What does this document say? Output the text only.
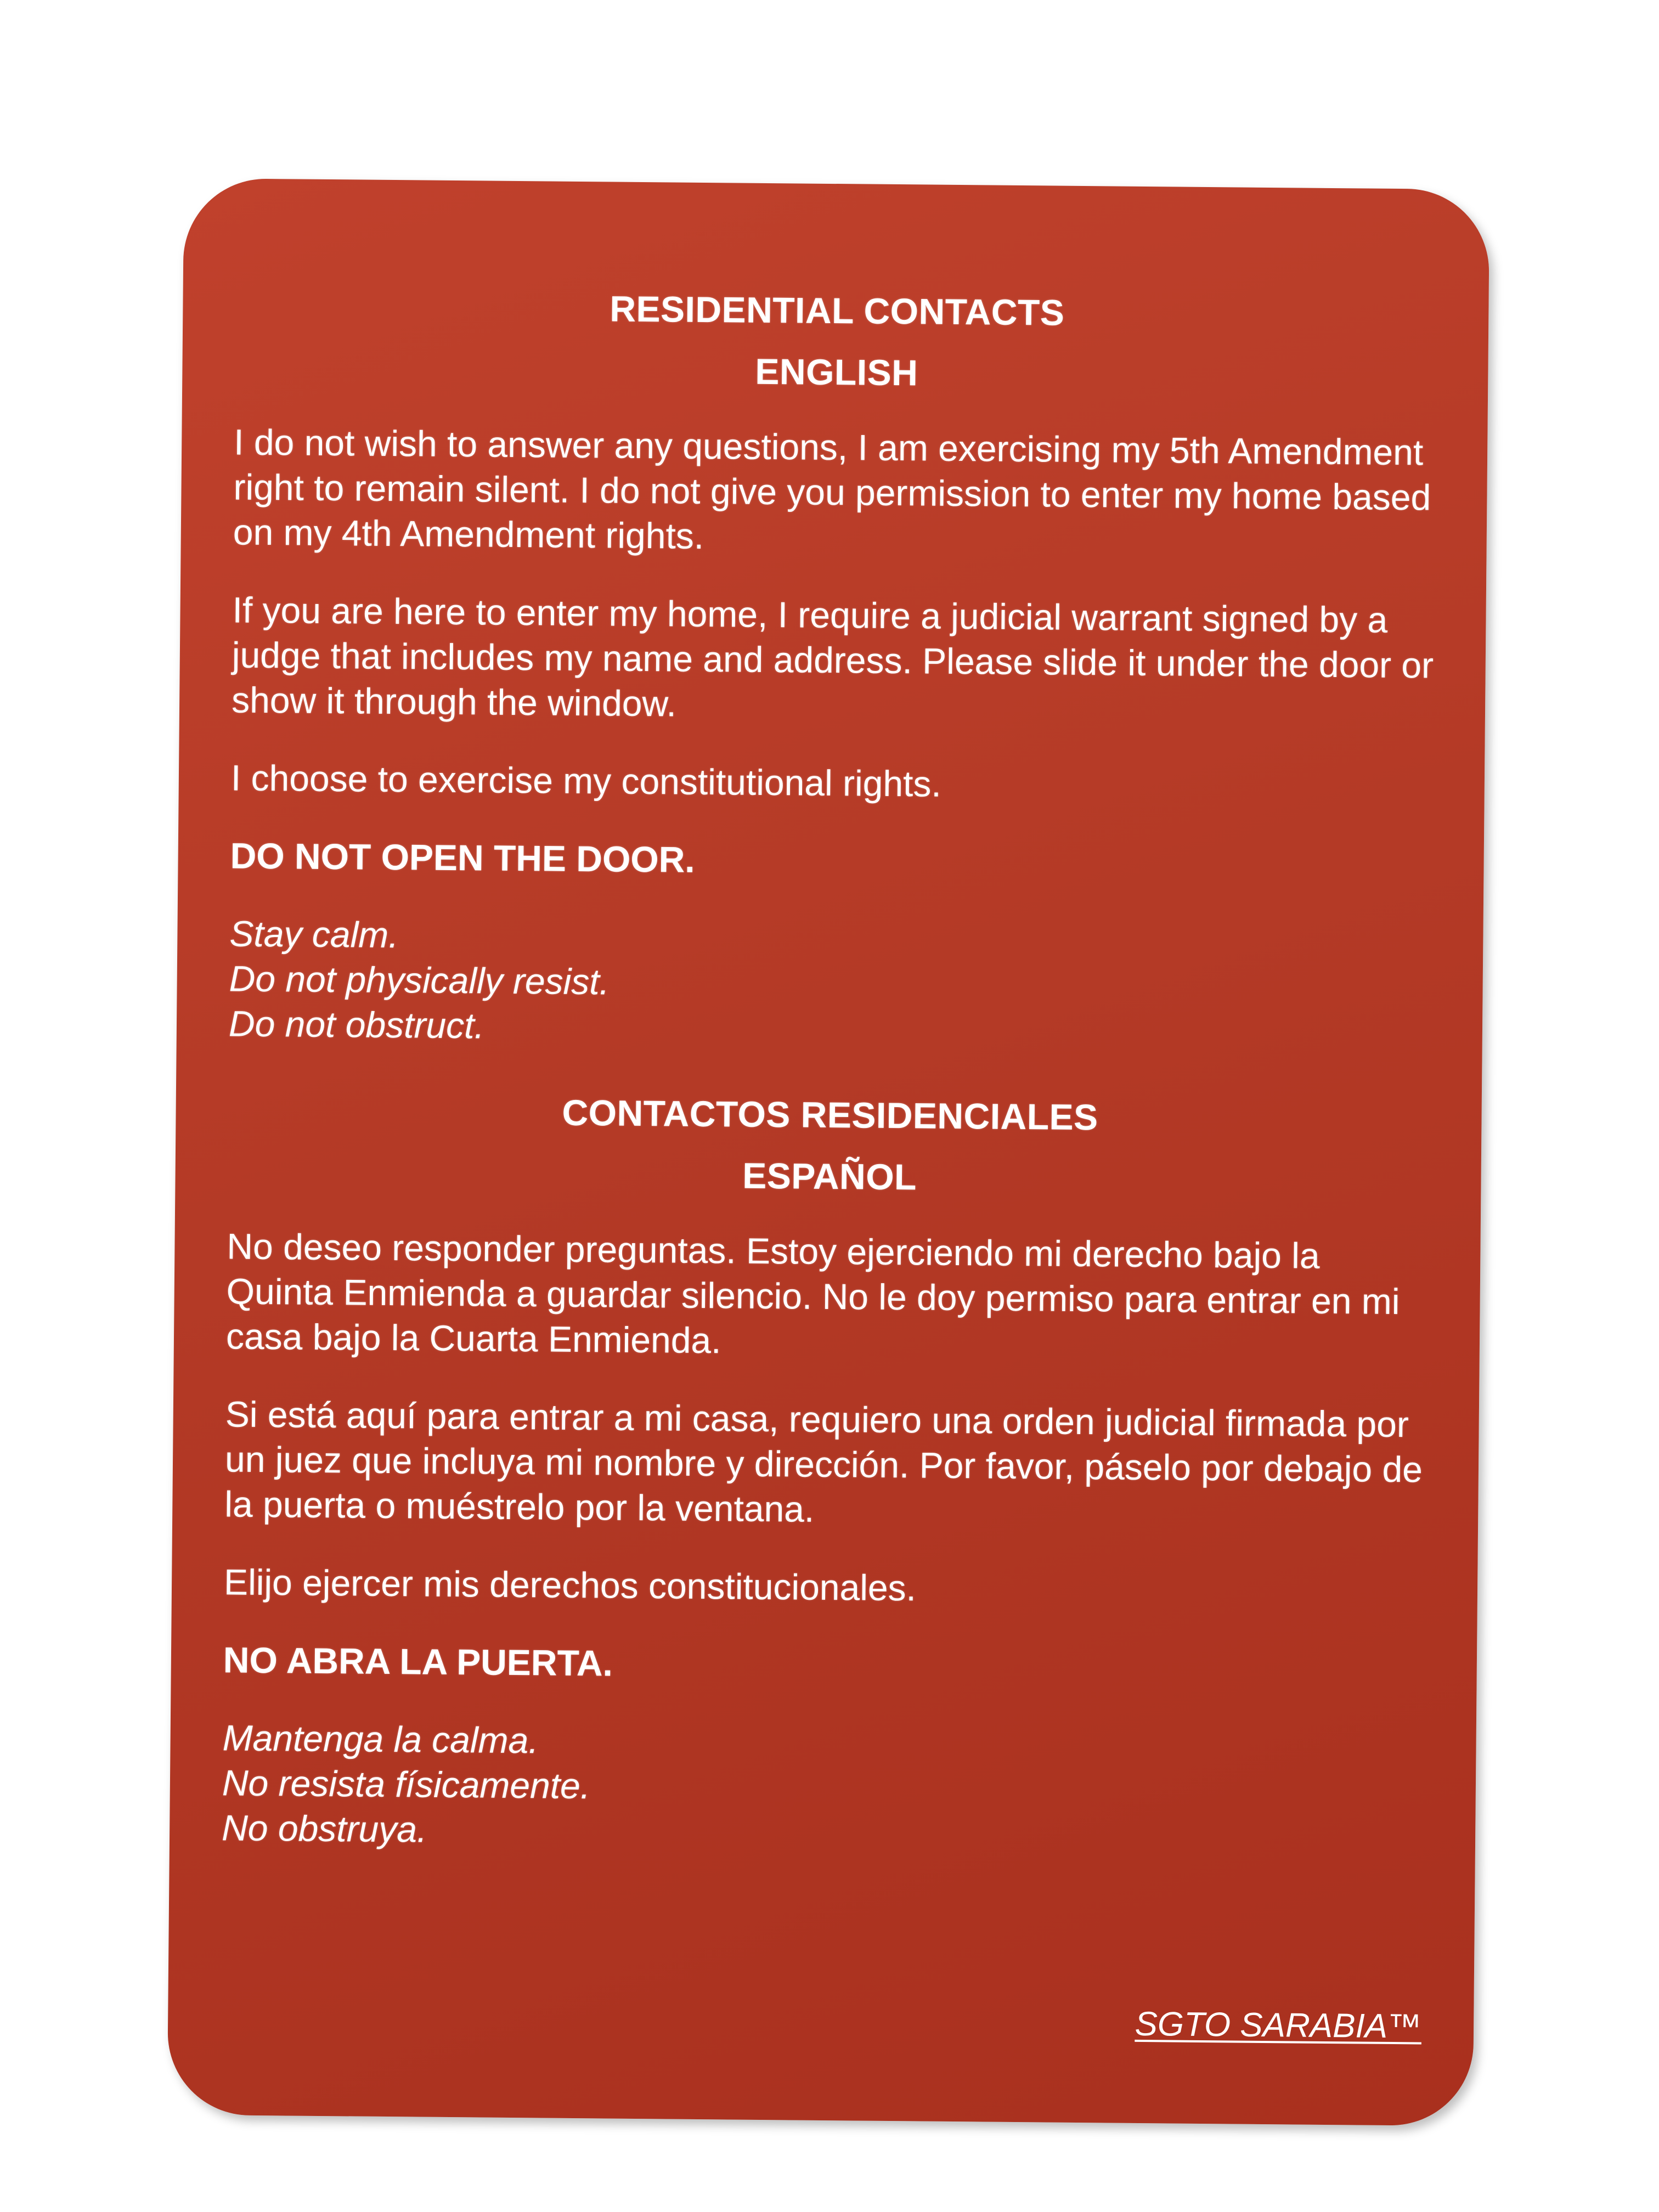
RESIDENTIAL CONTACTS

ENGLISH

I do not wish to answer any questions, I am exercising my 5th Amendment right to remain silent. I do not give you permission to enter my home based on my 4th Amendment rights.

If you are here to enter my home, I require a judicial warrant signed by a judge that includes my name and address. Please slide it under the door or show it through the window.

I choose to exercise my constitutional rights.

DO NOT OPEN THE DOOR.

Stay calm.
Do not physically resist.
Do not obstruct.

CONTACTOS RESIDENCIALES

ESPAÑOL

No deseo responder preguntas. Estoy ejerciendo mi derecho bajo la Quinta Enmienda a guardar silencio. No le doy permiso para entrar en mi casa bajo la Cuarta Enmienda.

Si está aquí para entrar a mi casa, requiero una orden judicial firmada por un juez que incluya mi nombre y dirección. Por favor, páselo por debajo de la puerta o muéstrelo por la ventana.

Elijo ejercer mis derechos constitucionales.

NO ABRA LA PUERTA.

Mantenga la calma.
No resista físicamente.
No obstruya.
SGTO SARABIA™
